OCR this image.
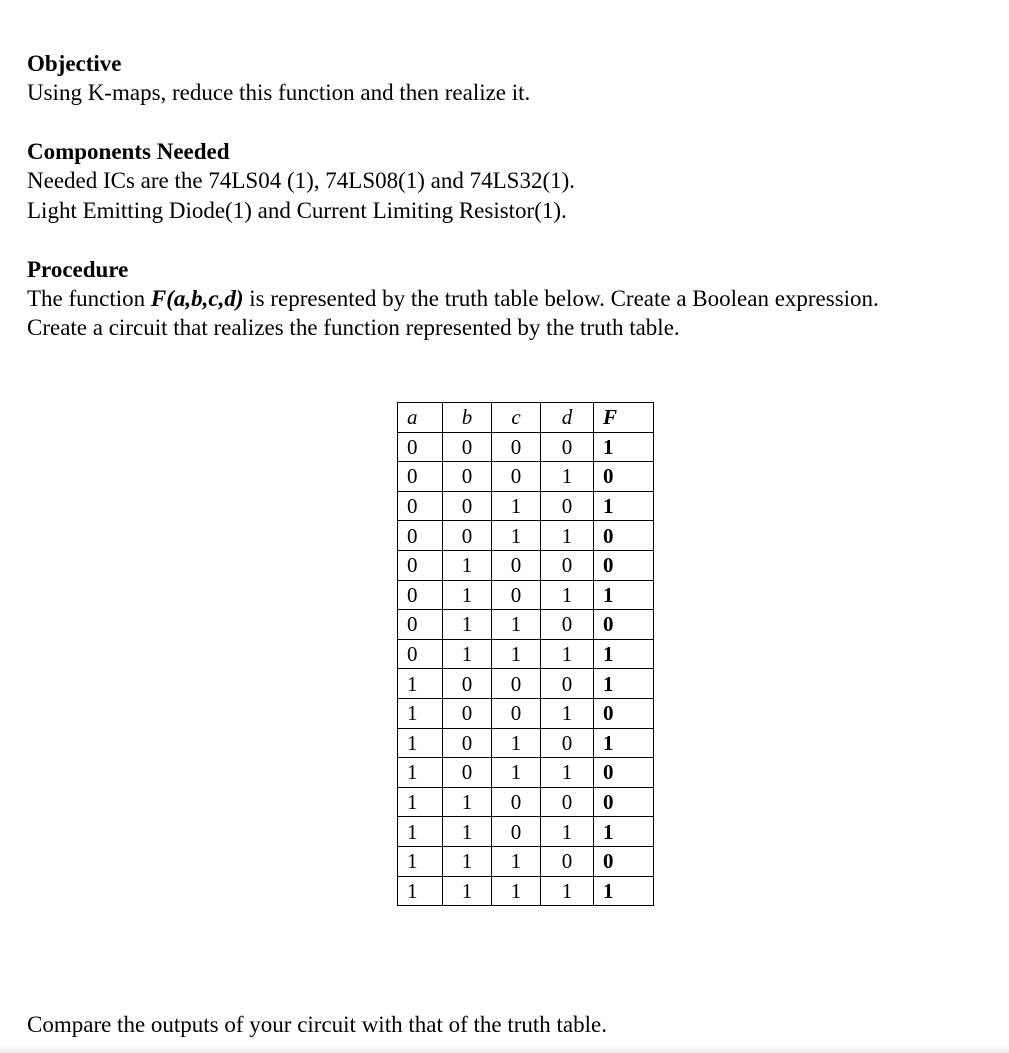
Objective
Using K-maps, reduce this function and then realize it.
Components Needed
Needed ICs are the 74LS04 (1), 74LS08(1) and 74LS32(1).
Light Emitting Diode(1) and Current Limiting Resistor(1).
Procedure
The function F(a,b,c,d) is represented by the truth table below. Create a Boolean expression.
Create a circuit that realizes the function represented by the truth table.
a	b	c	d	F
0	0	0	0	1
0	0	0	1	0
0	0	1	0	1
0	0	1	1	0
0	1	0	0	0
0	1	0	1	1
0	1	1	0	0
0	1	1	1	1
1	0	0	0	1
1	0	0	1	0
1	0	1	0	1
1	0	1	1	0
1	1	0	0	0
1	1	0	1	1
1	1	1	0	0
1	1	1	1	1
Compare the outputs of your circuit with that of the truth table.
